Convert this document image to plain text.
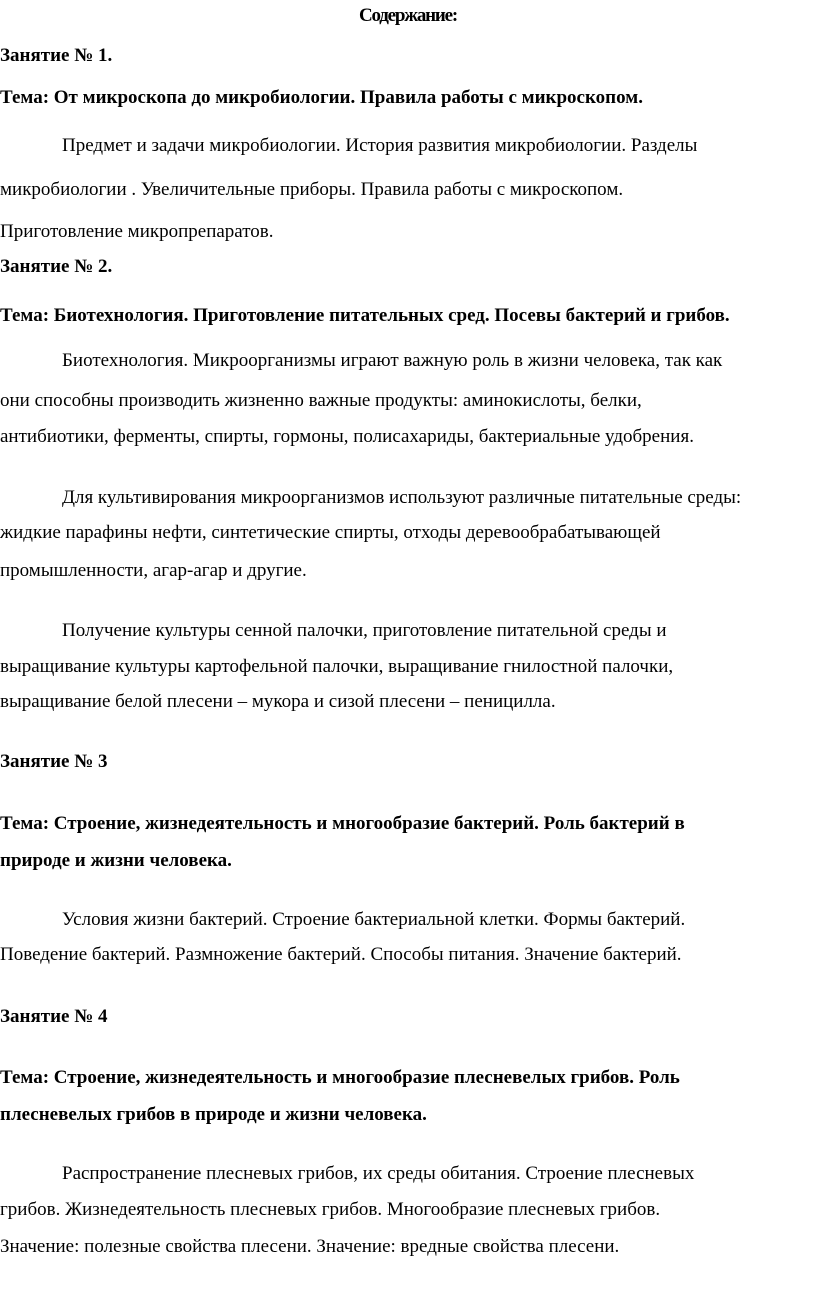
Содержание:
Занятие № 1.
Тема: От микроскопа до микробиологии. Правила работы с микроскопом.
Предмет и задачи микробиологии. История развития микробиологии. Разделы
микробиологии . Увеличительные приборы. Правила работы с микроскопом.
Приготовление микропрепаратов.
Занятие № 2.
Тема: Биотехнология. Приготовление питательных сред. Посевы бактерий и грибов.
Биотехнология. Микроорганизмы играют важную роль в жизни человека, так как
они способны производить жизненно важные продукты: аминокислоты, белки,
антибиотики, ферменты, спирты, гормоны, полисахариды, бактериальные удобрения.
Для культивирования микроорганизмов используют различные питательные среды:
жидкие парафины нефти, синтетические спирты, отходы деревообрабатывающей
промышленности, агар-агар и другие.
Получение культуры сенной палочки, приготовление питательной среды и
выращивание культуры картофельной палочки, выращивание гнилостной палочки,
выращивание белой плесени – мукора и сизой плесени – пеницилла.
Занятие № 3
Тема: Строение, жизнедеятельность и многообразие бактерий. Роль бактерий в
природе и жизни человека.
Условия жизни бактерий. Строение бактериальной клетки. Формы бактерий.
Поведение бактерий. Размножение бактерий. Способы питания. Значение бактерий.
Занятие № 4
Тема: Строение, жизнедеятельность и многообразие плесневелых грибов. Роль
плесневелых грибов в природе и жизни человека.
Распространение плесневых грибов, их среды обитания. Строение плесневых
грибов. Жизнедеятельность плесневых грибов. Многообразие плесневых грибов.
Значение: полезные свойства плесени. Значение: вредные свойства плесени.
